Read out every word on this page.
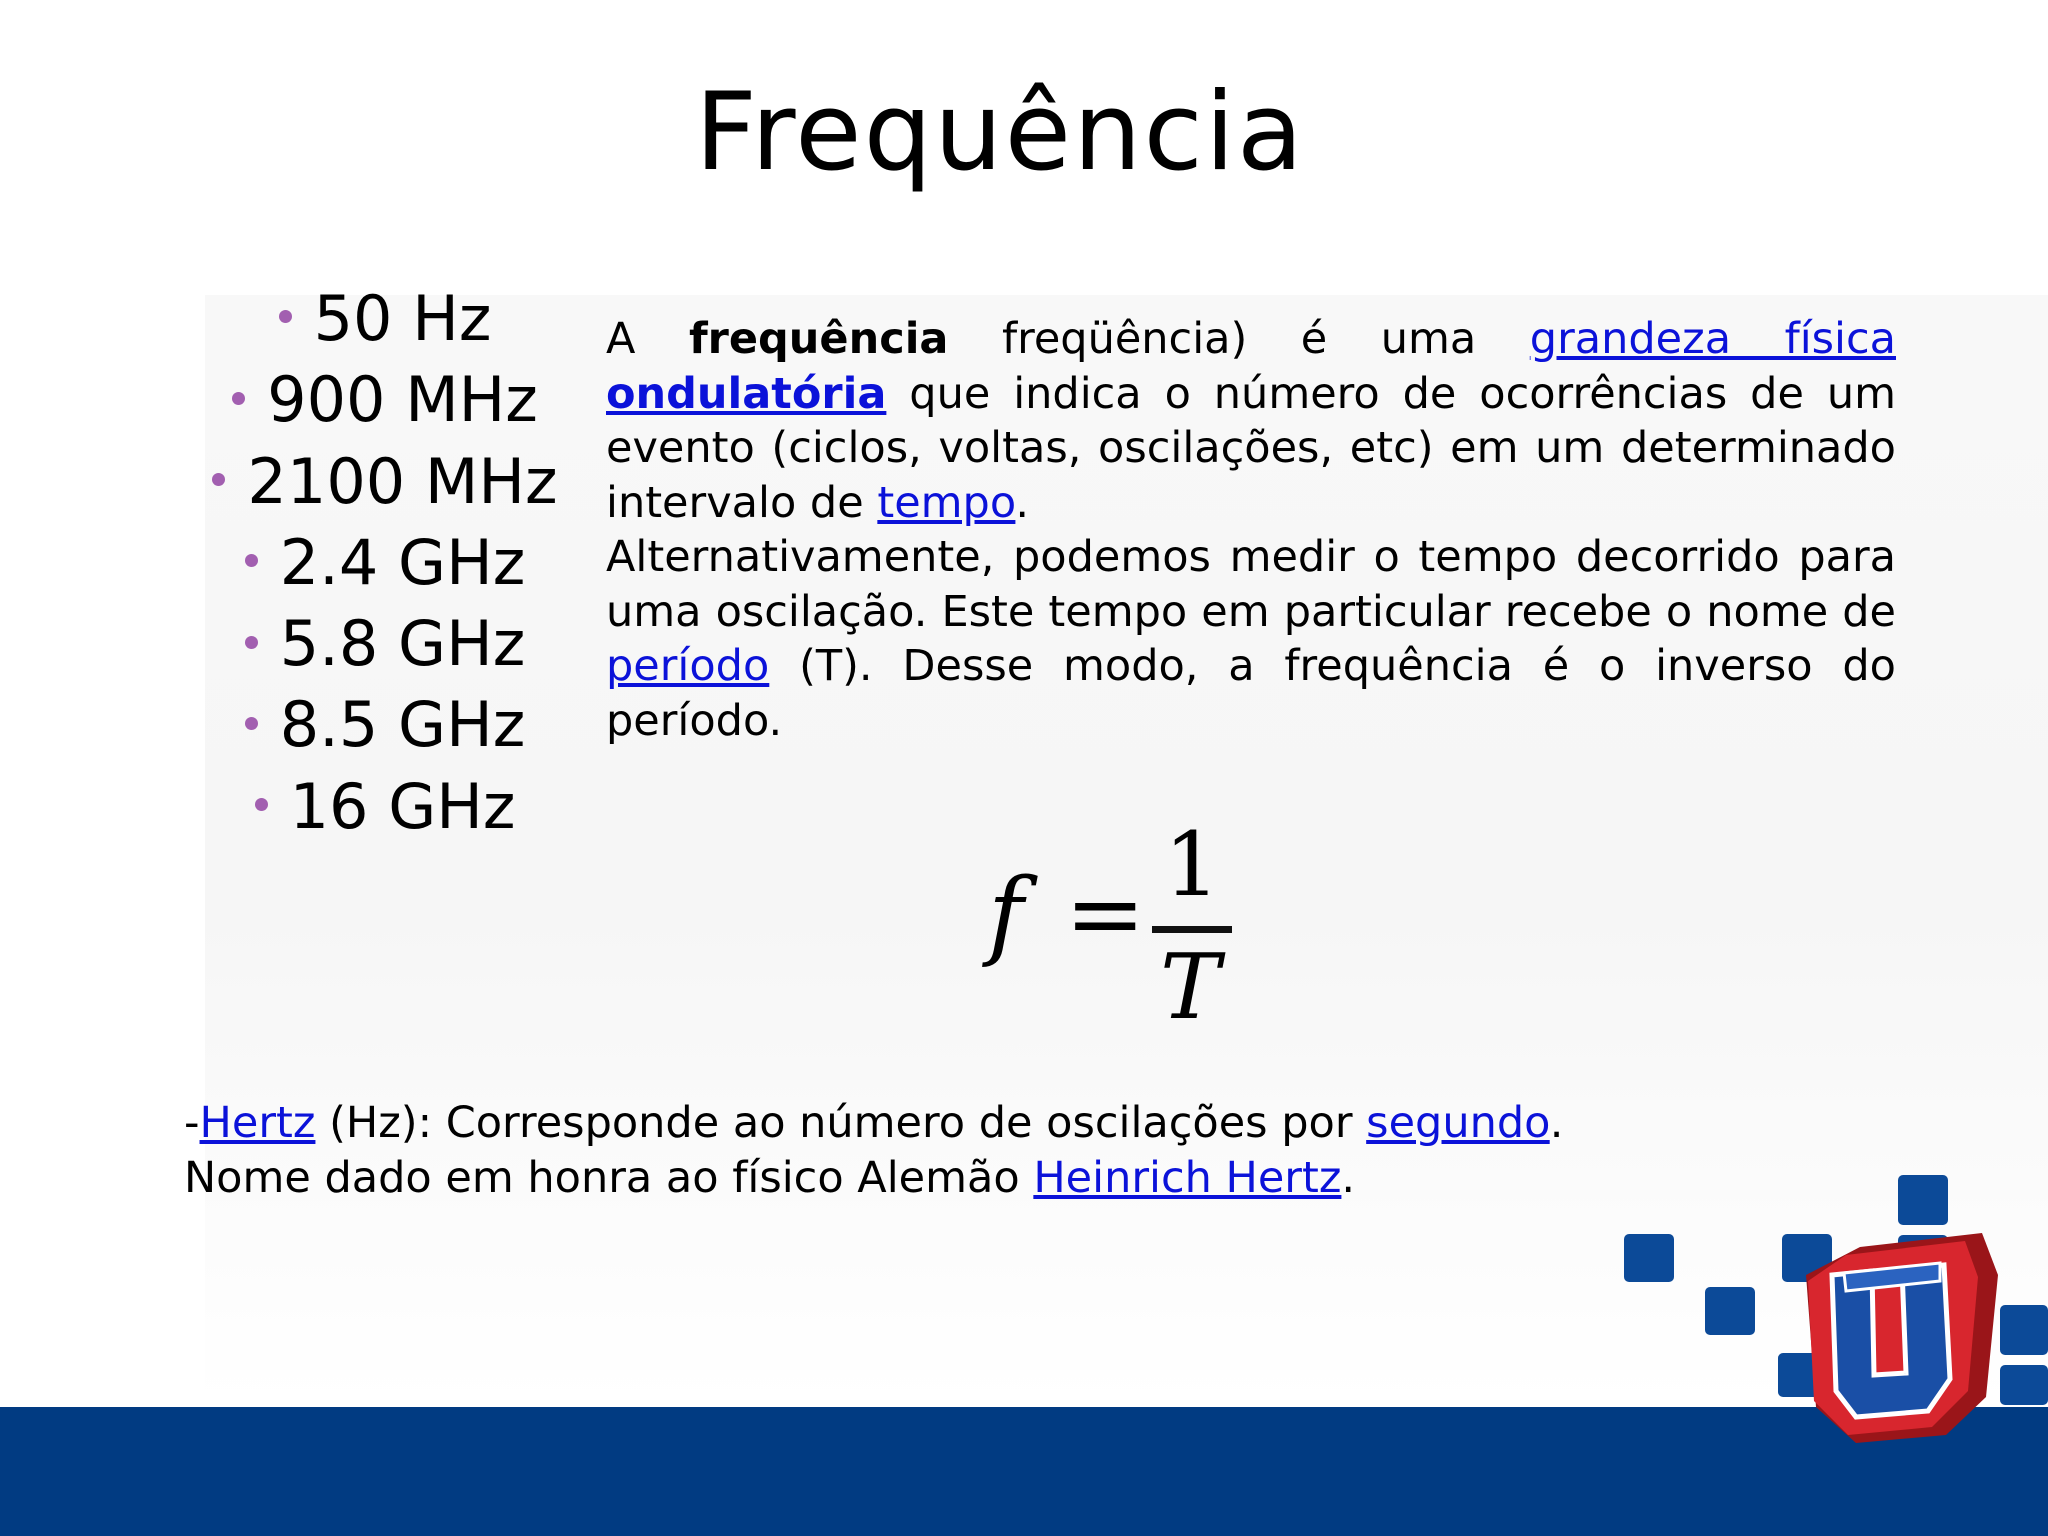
Frequência
50 Hz
900 MHz
2100 MHz
2.4 GHz
5.8 GHz
8.5 GHz
16 GHz

A frequência freqüência) é uma grandeza física ondulatória que indica o número de ocorrências de um evento (ciclos, voltas, oscilações, etc) em um determinado intervalo de tempo.

Alternativamente, podemos medir o tempo decorrido para uma oscilação. Este tempo em particular recebe o nome de período (T). Desse modo, a frequência é o inverso do período.

f = 1
T

-Hertz (Hz): Corresponde ao número de oscilações por segundo.

Nome dado em honra ao físico Alemão Heinrich Hertz.
